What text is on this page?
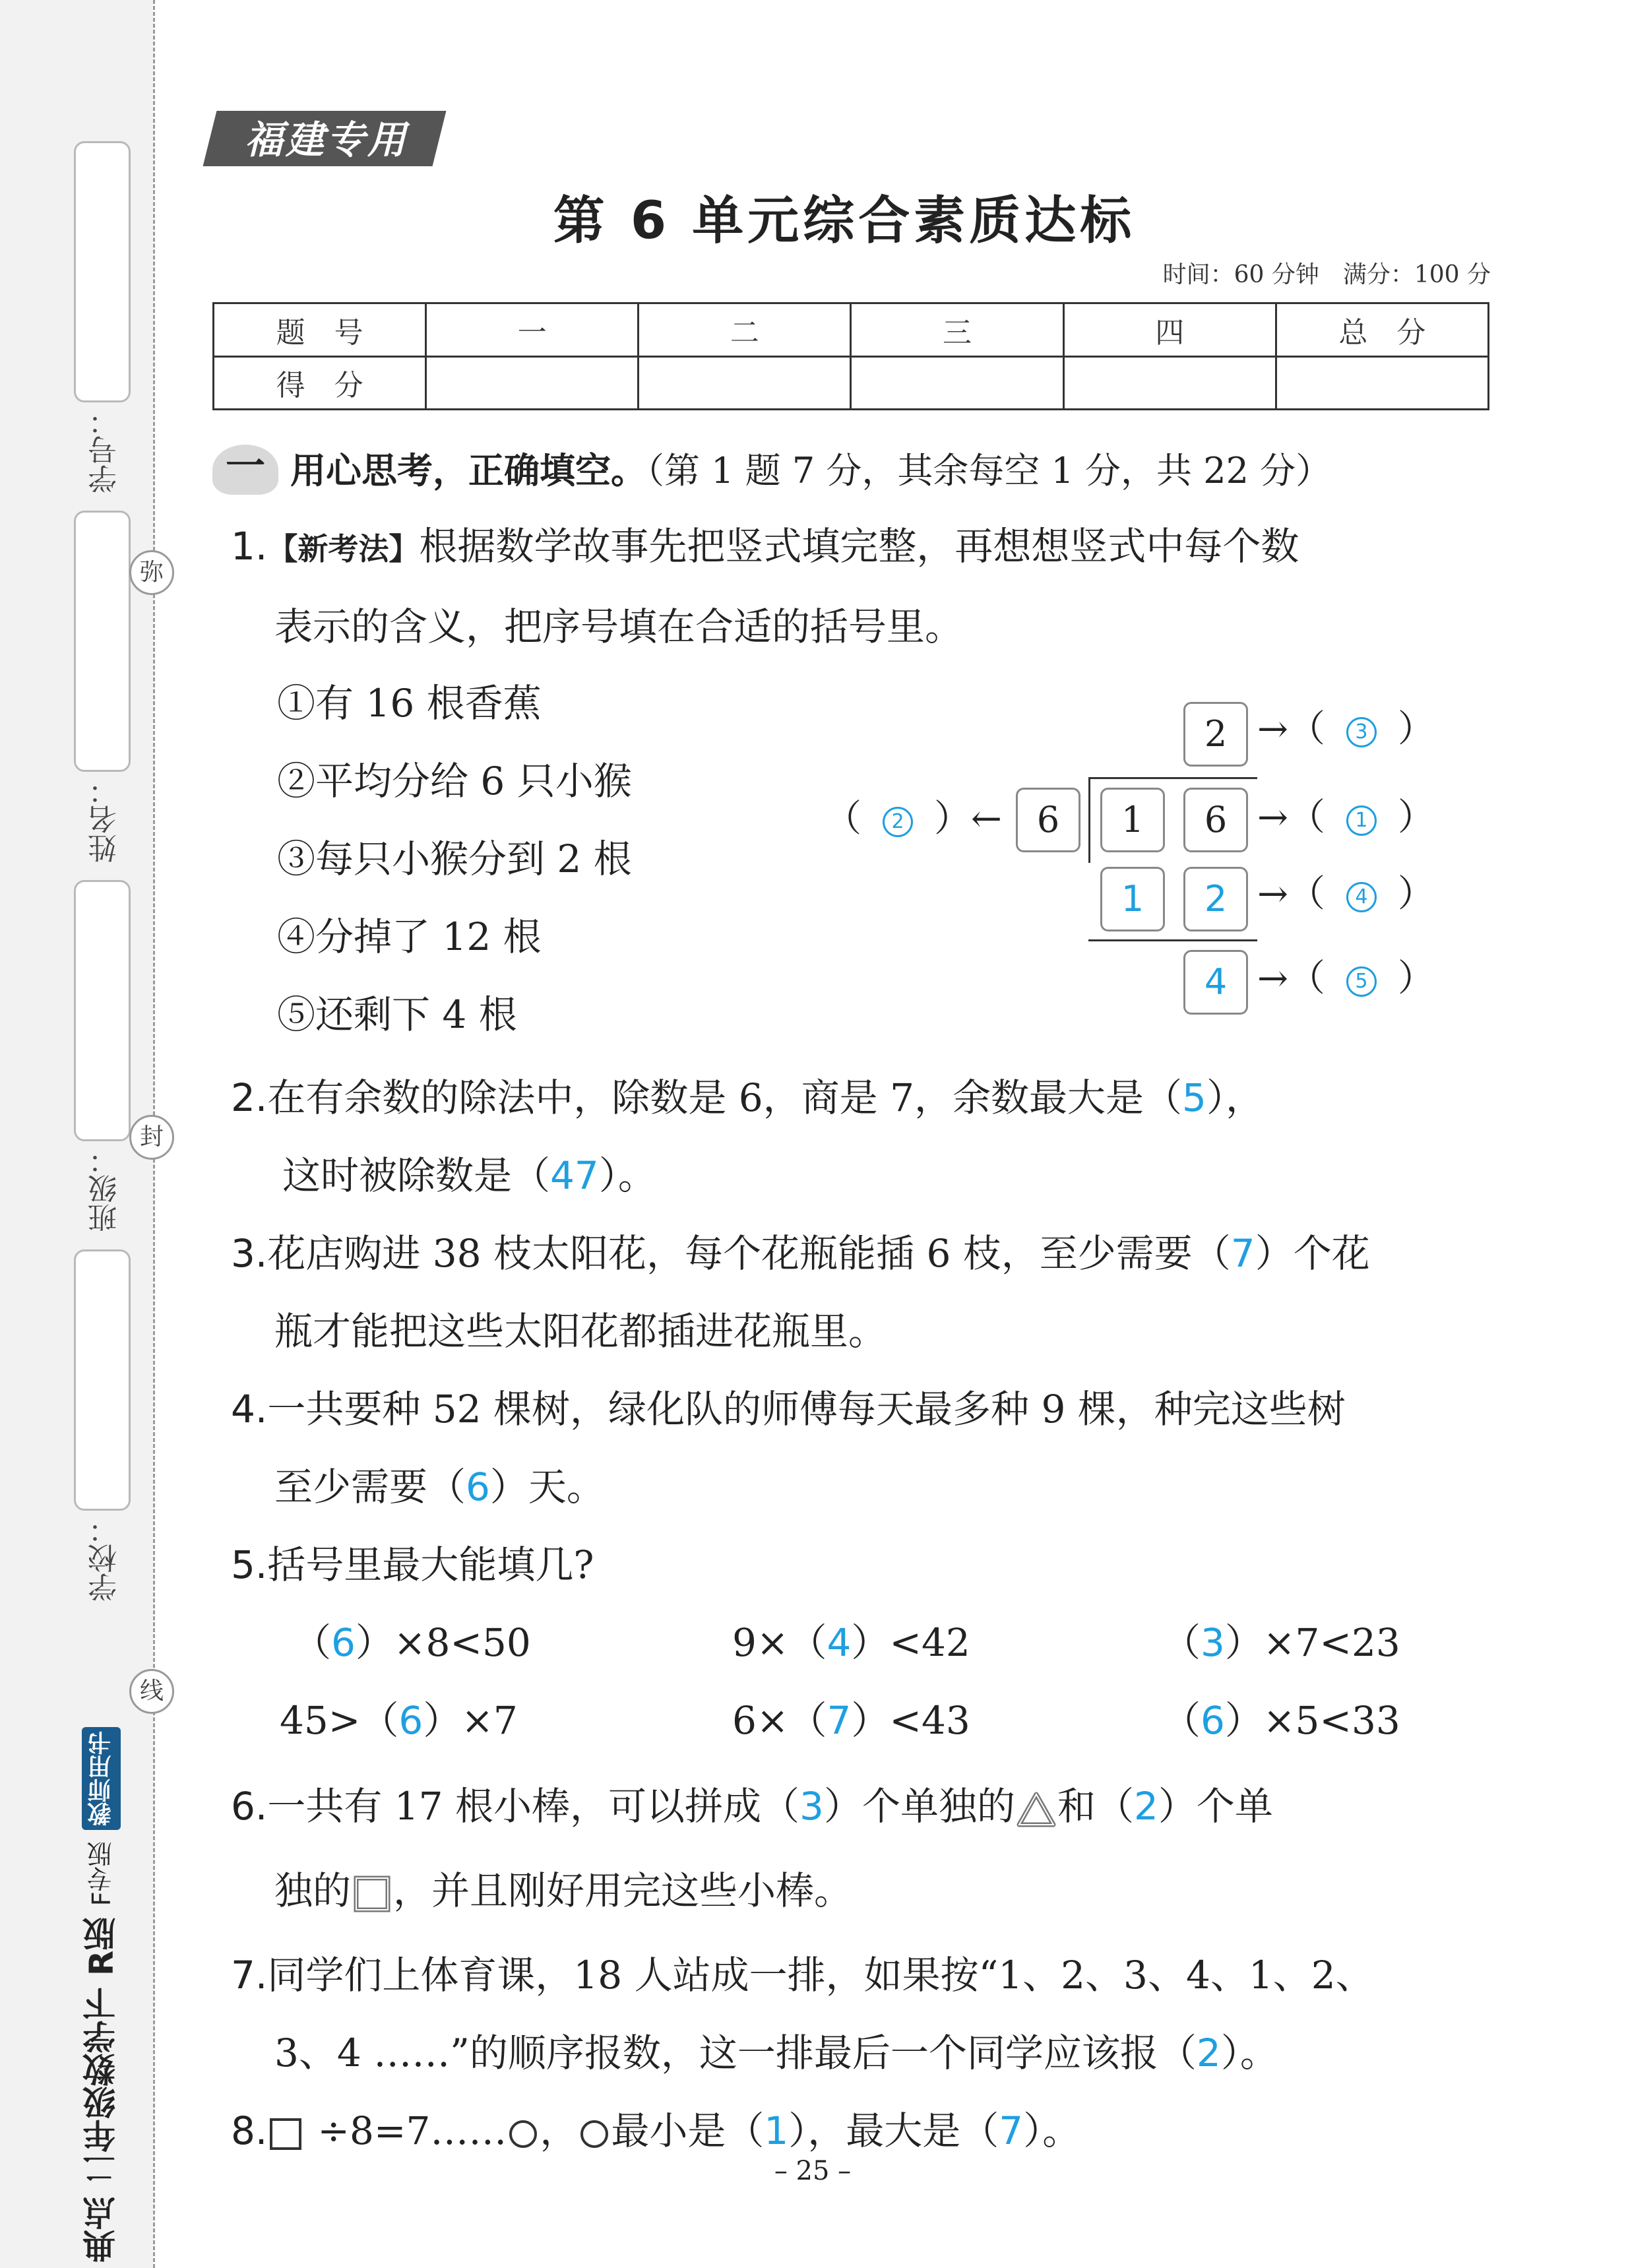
学号：
姓名：
班级：
学校：
弥
封
线
典点 二年级数学下 R版 F专版 教师用书
福建专用
第 6 单元综合素质达标
时间：60 分钟　满分：100 分
题　号	一	二	三	四	总　分
得　分					
一 用心思考，正确填空。（第 1 题 7 分，其余每空 1 分，共 22 分）
1.【新考法】根据数学故事先把竖式填完整，再想想竖式中每个数
表示的含义，把序号填在合适的括号里。
①有 16 根香蕉
②平均分给 6 只小猴
③每只小猴分到 2 根
④分掉了 12 根
⑤还剩下 4 根
2 →（ 3 ）
（ 2 ）← 6	1	6 →（ 1 ）
1	2 →（ 4 ）
4 →（ 5 ）
2.在有余数的除法中，除数是 6，商是 7，余数最大是（5），
这时被除数是（47）。
3.花店购进 38 枝太阳花，每个花瓶能插 6 枝，至少需要（7）个花
瓶才能把这些太阳花都插进花瓶里。
4.一共要种 52 棵树，绿化队的师傅每天最多种 9 棵，种完这些树
至少需要（6）天。
5.括号里最大能填几?
（6）×8<50	9×（4）<42	（3）×7<23
45>（6）×7	6×（7）<43	（6）×5<33
6.一共有 17 根小棒，可以拼成（3）个单独的 和（2）个单
独的 ，并且刚好用完这些小棒。
7.同学们上体育课，18 人站成一排，如果按“1、2、3、4、1、2、
3、4 ……”的顺序报数，这一排最后一个同学应该报（2）。
8. ÷8=7…… ， 最小是（1），最大是（7）。
– 25 –
